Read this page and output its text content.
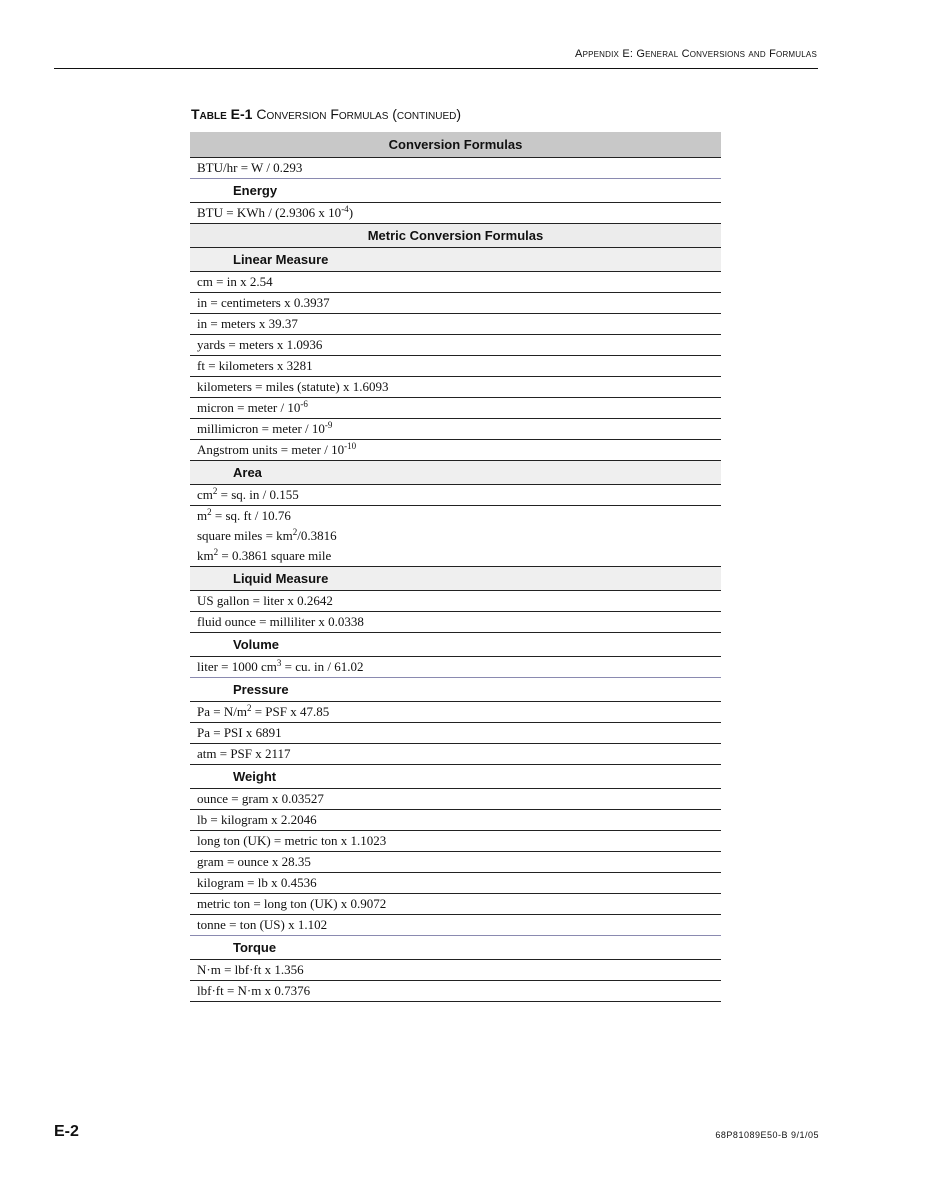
Appendix E: General Conversions and Formulas
Table E-1 Conversion Formulas (continued)
Conversion Formulas
BTU/hr = W / 0.293
Energy
BTU = KWh / (2.9306 x $10^{-4}$)
Metric Conversion Formulas
Linear Measure
cm = in x 2.54
in = centimeters x 0.3937
in = meters x 39.37
yards = meters x 1.0936
ft = kilometers x 3281
kilometers = miles (statute) x 1.6093
micron = meter / $10^{-6}$
millimicron = meter / $10^{-9}$
Angstrom units = meter / $10^{-10}$
Area
$cm^2$ = sq. in / 0.155
$m^2$ = sq. ft / 10.76
square miles = $km^2/0.3816$
$km^2 = 0.3861$ square mile
Liquid Measure
US gallon = liter x 0.2642
fluid ounce = milliliter x 0.0338
Volume
liter = 1000 $cm^3$ = cu. in / 61.02
Pressure
$Pa = N/m^2$ = PSF x 47.85
Pa = PSI x 6891
atm = PSF x 2117
Weight
ounce = gram x 0.03527
lb = kilogram x 2.2046
long ton (UK) = metric ton x 1.1023
gram = ounce x 28.35
kilogram = lb x 0.4536
metric ton = long ton (UK) x 0.9072
tonne = ton (US) x 1.102
Torque
N·m = lbf·ft x 1.356
lbf·ft = N·m x 0.7376
E-2	68P81089E50-B 9/1/05
